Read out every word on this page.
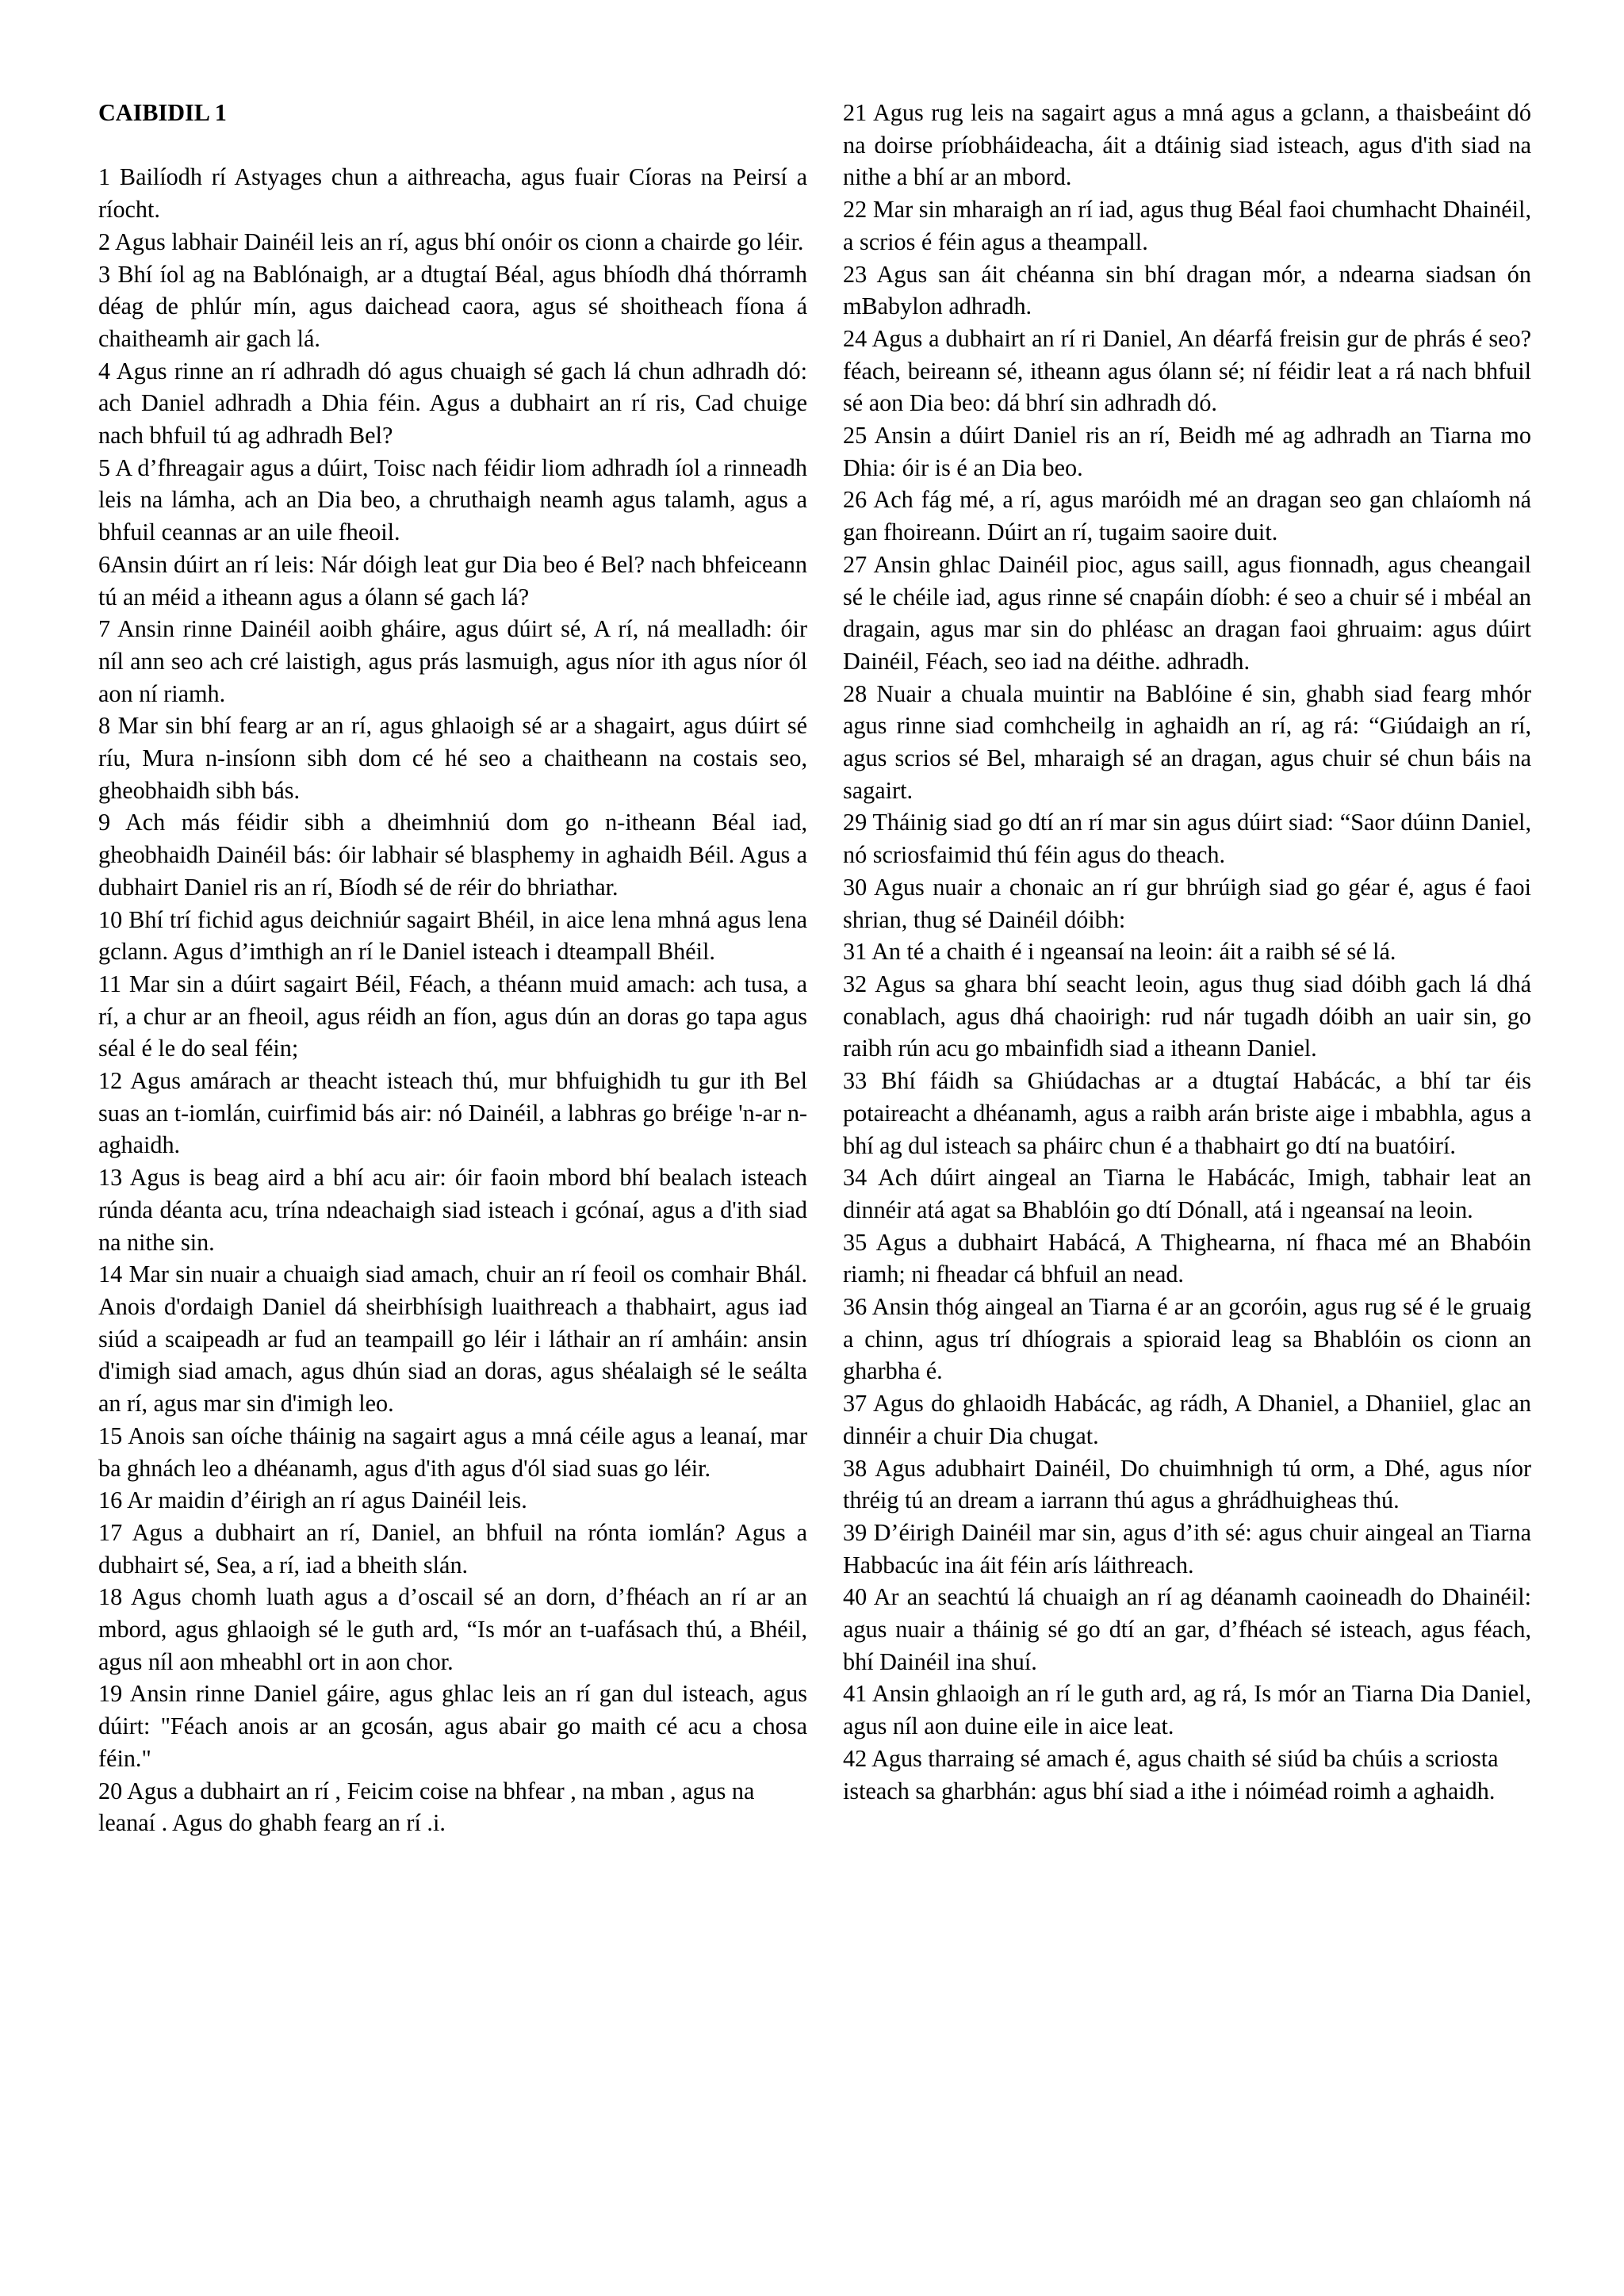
CAIBIDIL 1

1 Bailíodh rí Astyages chun a aithreacha, agus fuair Cíoras na Peirsí a ríocht.

2 Agus labhair Dainéil leis an rí, agus bhí onóir os cionn a chairde go léir.

3 Bhí íol ag na Bablónaigh, ar a dtugtaí Béal, agus bhíodh dhá thórramh déag de phlúr mín, agus daichead caora, agus sé shoitheach fíona á chaitheamh air gach lá.

4 Agus rinne an rí adhradh dó agus chuaigh sé gach lá chun adhradh dó: ach Daniel adhradh a Dhia féin. Agus a dubhairt an rí ris, Cad chuige nach bhfuil tú ag adhradh Bel?

5 A d’fhreagair agus a dúirt, Toisc nach féidir liom adhradh íol a rinneadh leis na lámha, ach an Dia beo, a chruthaigh neamh agus talamh, agus a bhfuil ceannas ar an uile fheoil.

6Ansin dúirt an rí leis: Nár dóigh leat gur Dia beo é Bel? nach bhfeiceann tú an méid a itheann agus a ólann sé gach lá?

7 Ansin rinne Dainéil aoibh gháire, agus dúirt sé, A rí, ná mealladh: óir níl ann seo ach cré laistigh, agus prás lasmuigh, agus níor ith agus níor ól aon ní riamh.

8 Mar sin bhí fearg ar an rí, agus ghlaoigh sé ar a shagairt, agus dúirt sé ríu, Mura n-insíonn sibh dom cé hé seo a chaitheann na costais seo, gheobhaidh sibh bás.

9 Ach más féidir sibh a dheimhniú dom go n-itheann Béal iad, gheobhaidh Dainéil bás: óir labhair sé blasphemy in aghaidh Béil. Agus a dubhairt Daniel ris an rí, Bíodh sé de réir do bhriathar.

10 Bhí trí fichid agus deichniúr sagairt Bhéil, in aice lena mhná agus lena gclann. Agus d’imthigh an rí le Daniel isteach i dteampall Bhéil.

11 Mar sin a dúirt sagairt Béil, Féach, a théann muid amach: ach tusa, a rí, a chur ar an fheoil, agus réidh an fíon, agus dún an doras go tapa agus séal é le do seal féin;

12 Agus amárach ar theacht isteach thú, mur bhfuighidh tu gur ith Bel suas an t-iomlán, cuirfimid bás air: nó Dainéil, a labhras go bréige 'n-ar n-aghaidh.

13 Agus is beag aird a bhí acu air: óir faoin mbord bhí bealach isteach rúnda déanta acu, trína ndeachaigh siad isteach i gcónaí, agus a d'ith siad na nithe sin.

14 Mar sin nuair a chuaigh siad amach, chuir an rí feoil os comhair Bhál. Anois d'ordaigh Daniel dá sheirbhísigh luaithreach a thabhairt, agus iad siúd a scaipeadh ar fud an teampaill go léir i láthair an rí amháin: ansin d'imigh siad amach, agus dhún siad an doras, agus shéalaigh sé le seálta an rí, agus mar sin d'imigh leo.

15 Anois san oíche tháinig na sagairt agus a mná céile agus a leanaí, mar ba ghnách leo a dhéanamh, agus d'ith agus d'ól siad suas go léir.

16 Ar maidin d’éirigh an rí agus Dainéil leis.

17 Agus a dubhairt an rí, Daniel, an bhfuil na rónta iomlán? Agus a dubhairt sé, Sea, a rí, iad a bheith slán.

18 Agus chomh luath agus a d’oscail sé an dorn, d’fhéach an rí ar an mbord, agus ghlaoigh sé le guth ard, “Is mór an t-uafásach thú, a Bhéil, agus níl aon mheabhl ort in aon chor.

19 Ansin rinne Daniel gáire, agus ghlac leis an rí gan dul isteach, agus dúirt: "Féach anois ar an gcosán, agus abair go maith cé acu a chosa féin."

20 Agus a dubhairt an rí , Feicim coise na bhfear , na mban , agus na leanaí . Agus do ghabh fearg an rí .i.

21 Agus rug leis na sagairt agus a mná agus a gclann, a thaisbeáint dó na doirse príobháideacha, áit a dtáinig siad isteach, agus d'ith siad na nithe a bhí ar an mbord.

22 Mar sin mharaigh an rí iad, agus thug Béal faoi chumhacht Dhainéil, a scrios é féin agus a theampall.

23 Agus san áit chéanna sin bhí dragan mór, a ndearna siadsan ón mBabylon adhradh.

24 Agus a dubhairt an rí ri Daniel, An déarfá freisin gur de phrás é seo? féach, beireann sé, itheann agus ólann sé; ní féidir leat a rá nach bhfuil sé aon Dia beo: dá bhrí sin adhradh dó.

25 Ansin a dúirt Daniel ris an rí, Beidh mé ag adhradh an Tiarna mo Dhia: óir is é an Dia beo.

26 Ach fág mé, a rí, agus maróidh mé an dragan seo gan chlaíomh ná gan fhoireann. Dúirt an rí, tugaim saoire duit.

27 Ansin ghlac Dainéil pioc, agus saill, agus fionnadh, agus cheangail sé le chéile iad, agus rinne sé cnapáin díobh: é seo a chuir sé i mbéal an dragain, agus mar sin do phléasc an dragan faoi ghruaim: agus dúirt Dainéil, Féach, seo iad na déithe. adhradh.

28 Nuair a chuala muintir na Bablóine é sin, ghabh siad fearg mhór agus rinne siad comhcheilg in aghaidh an rí, ag rá: “Giúdaigh an rí, agus scrios sé Bel, mharaigh sé an dragan, agus chuir sé chun báis na sagairt.

29 Tháinig siad go dtí an rí mar sin agus dúirt siad: “Saor dúinn Daniel, nó scriosfaimid thú féin agus do theach.

30 Agus nuair a chonaic an rí gur bhrúigh siad go géar é, agus é faoi shrian, thug sé Dainéil dóibh:

31 An té a chaith é i ngeansaí na leoin: áit a raibh sé sé lá.

32 Agus sa ghara bhí seacht leoin, agus thug siad dóibh gach lá dhá conablach, agus dhá chaoirigh: rud nár tugadh dóibh an uair sin, go raibh rún acu go mbainfidh siad a itheann Daniel.

33 Bhí fáidh sa Ghiúdachas ar a dtugtaí Habácác, a bhí tar éis potaireacht a dhéanamh, agus a raibh arán briste aige i mbabhla, agus a bhí ag dul isteach sa pháirc chun é a thabhairt go dtí na buatóirí.

34 Ach dúirt aingeal an Tiarna le Habácác, Imigh, tabhair leat an dinnéir atá agat sa Bhablóin go dtí Dónall, atá i ngeansaí na leoin.

35 Agus a dubhairt Habácá, A Thighearna, ní fhaca mé an Bhabóin riamh; ni fheadar cá bhfuil an nead.

36 Ansin thóg aingeal an Tiarna é ar an gcoróin, agus rug sé é le gruaig a chinn, agus trí dhíograis a spioraid leag sa Bhablóin os cionn an gharbha é.

37 Agus do ghlaoidh Habácác, ag rádh, A Dhaniel, a Dhaniiel, glac an dinnéir a chuir Dia chugat.

38 Agus adubhairt Dainéil, Do chuimhnigh tú orm, a Dhé, agus níor thréig tú an dream a iarrann thú agus a ghrádhuigheas thú.

39 D’éirigh Dainéil mar sin, agus d’ith sé: agus chuir aingeal an Tiarna Habbacúc ina áit féin arís láithreach.

40 Ar an seachtú lá chuaigh an rí ag déanamh caoineadh do Dhainéil: agus nuair a tháinig sé go dtí an gar, d’fhéach sé isteach, agus féach, bhí Dainéil ina shuí.

41 Ansin ghlaoigh an rí le guth ard, ag rá, Is mór an Tiarna Dia Daniel, agus níl aon duine eile in aice leat.

42 Agus tharraing sé amach é, agus chaith sé siúd ba chúis a scriosta isteach sa gharbhán: agus bhí siad a ithe i nóiméad roimh a aghaidh.
